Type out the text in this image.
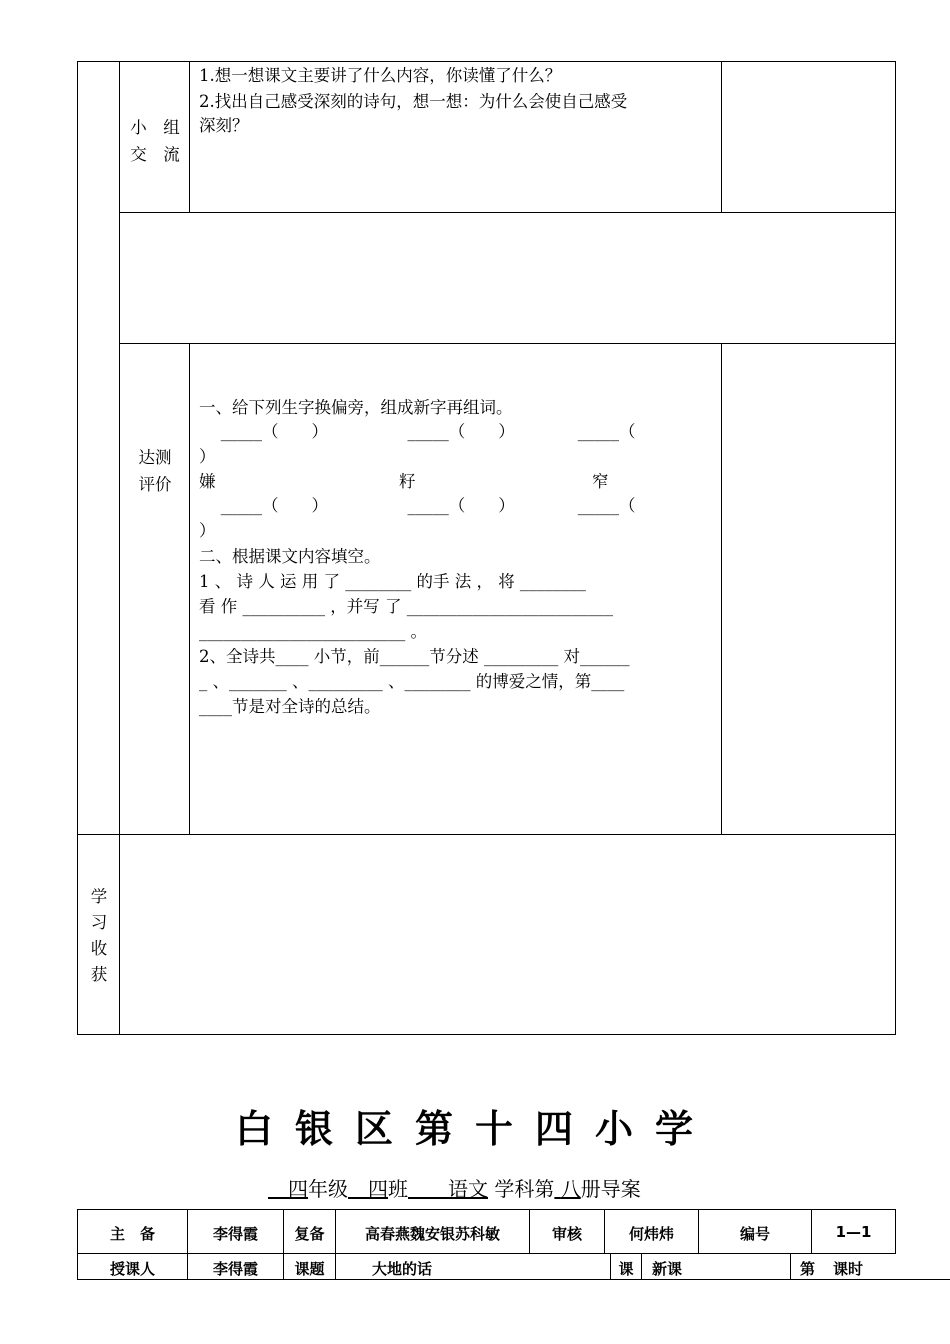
小　组
交　流
1.想一想课文主要讲了什么内容，你读懂了什么？
2.找出自己感受深刻的诗句，想一想：为什么会使自己感受
深刻？
达测
评价
一、给下列生字换偏旁，组成新字再组词。
　 _____（　　）　　　　　 _____（　　）　　　　 _____（
）
嫌	籽	窄
　 _____（　　）　　　　　 _____（　　）　　　　 _____（
）
二、根据课文内容填空。
1 、 诗 人 运 用 了 ________ 的手 法 ， 将 ________
看 作 __________ ，并写 了 _________________________
_________________________ 。
2、全诗共____ 小节，前______节分述 _________ 对______
_ 、_______ 、_________ 、________ 的博爱之情，第____
____节是对全诗的总结。
学
习
收
获
白银区第十四小学
　四年级　 四班　　 语文 学科第 八册导案
主　备	李得霞	复备	高春燕魏安银苏科敏	审核	何炜炜	编号	1—1
授课人	李得霞	课题	大地的话	课	新课	第 课时
